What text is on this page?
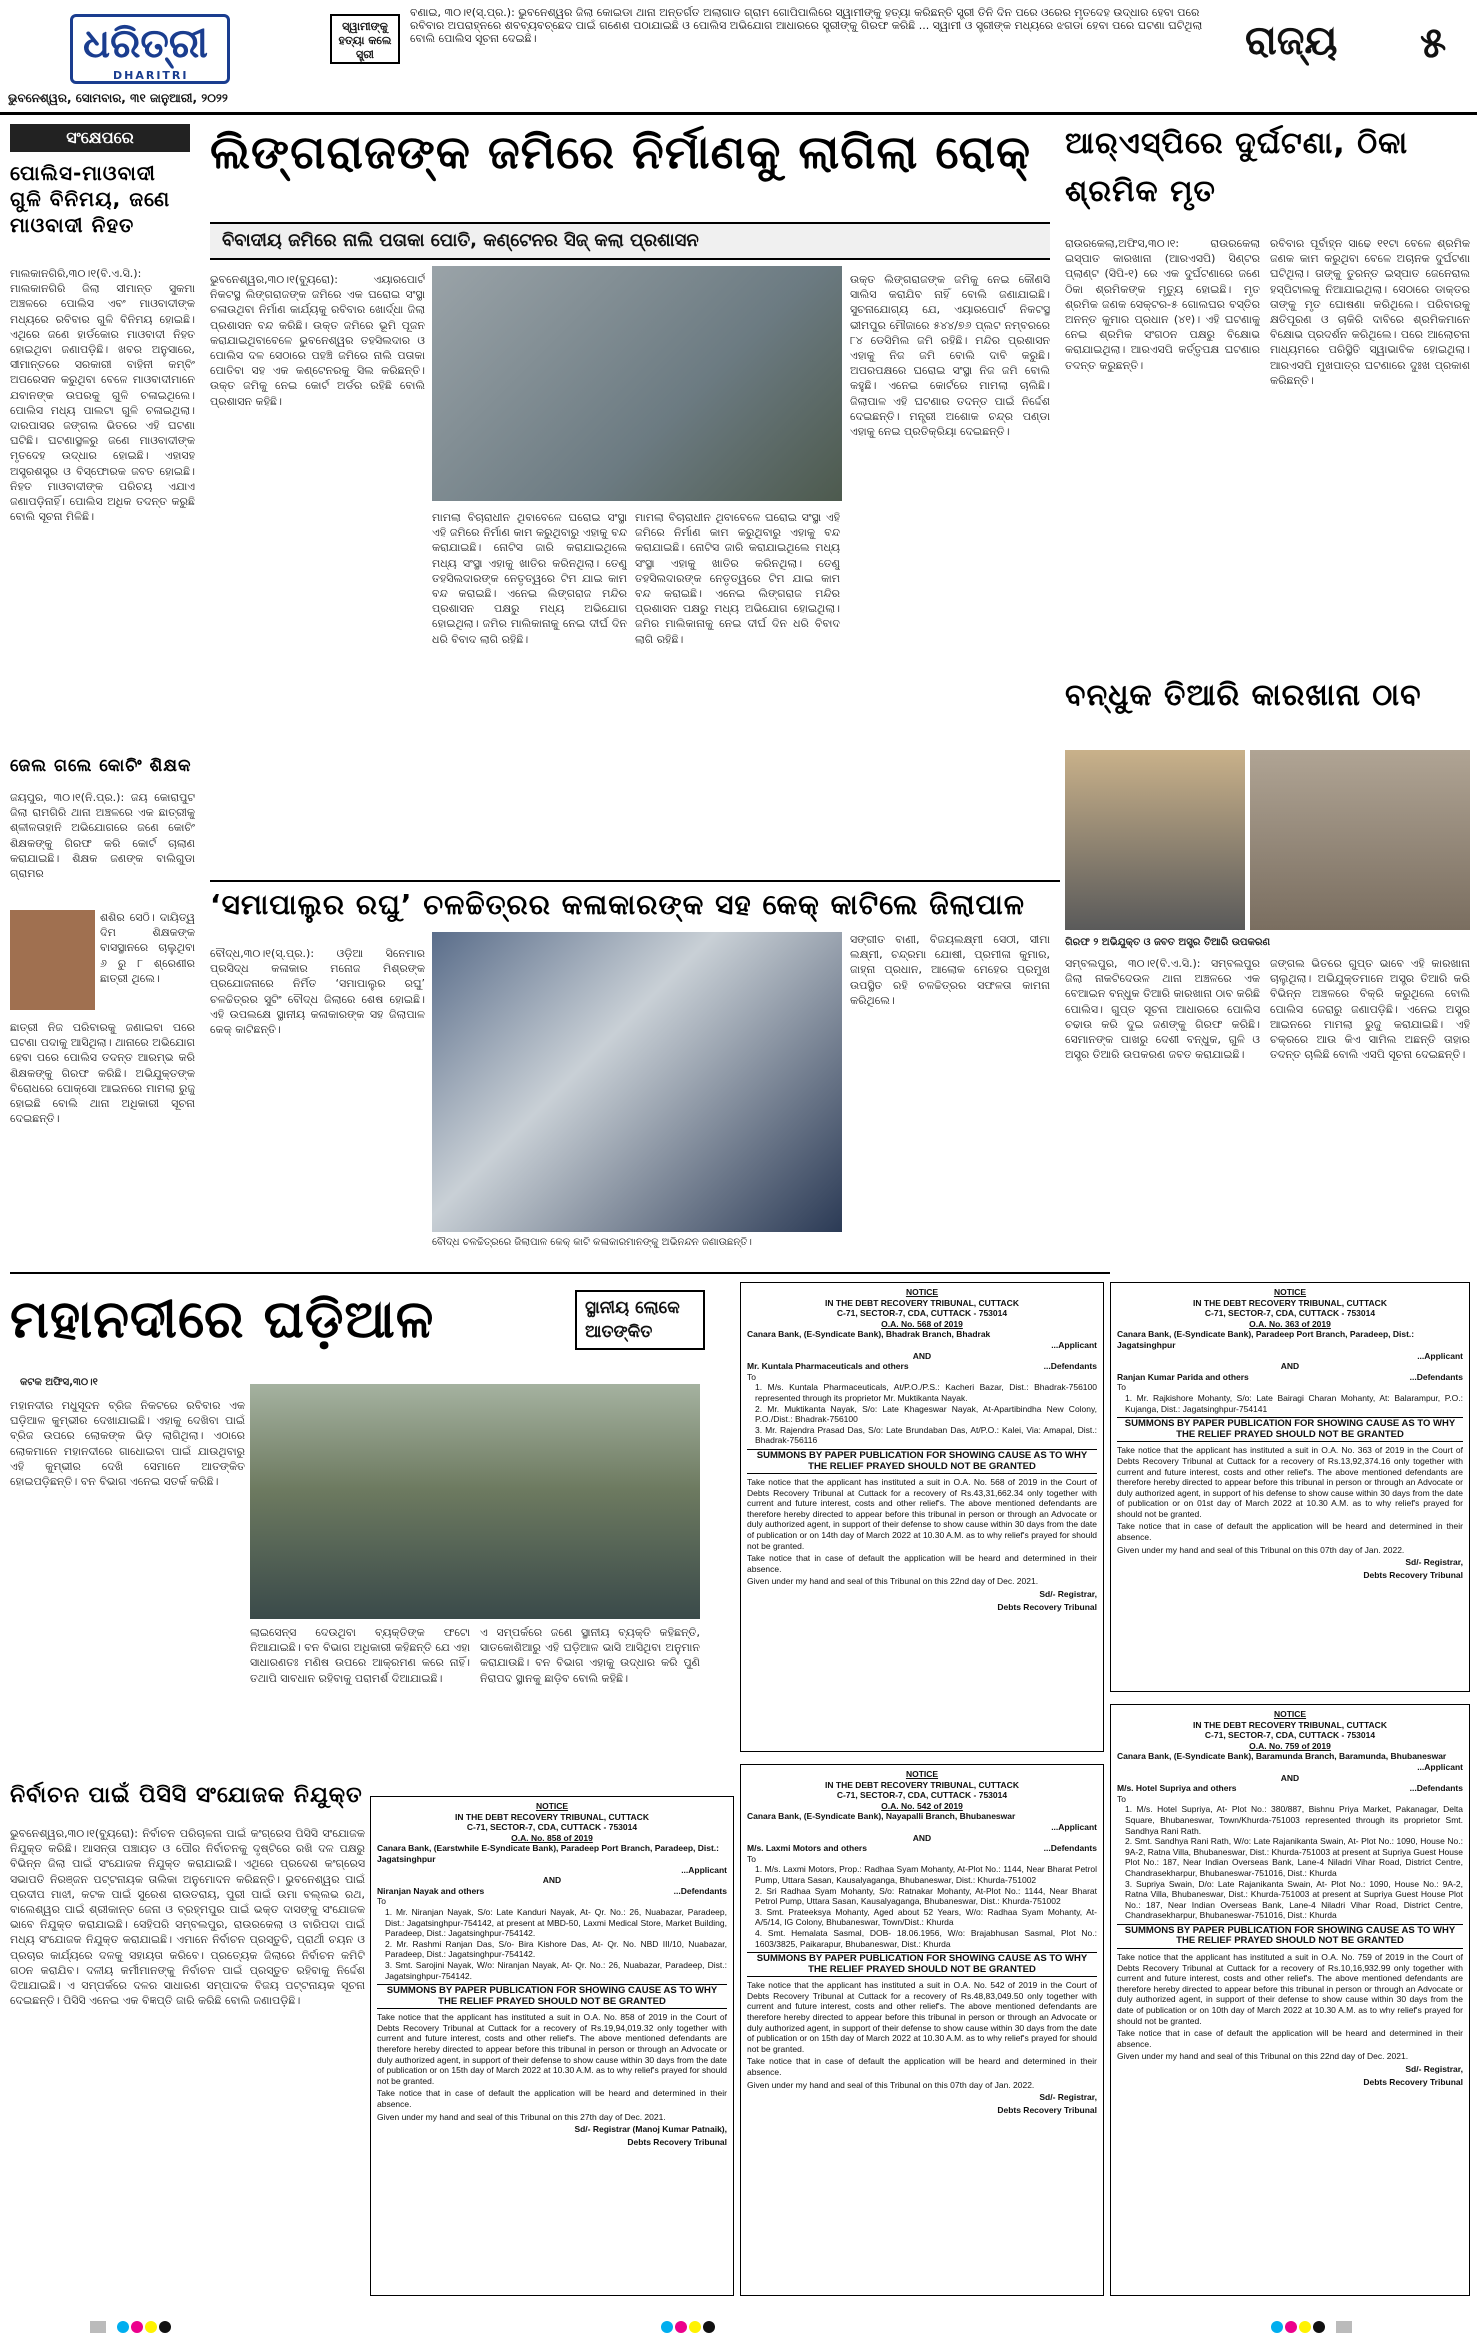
ଧରିତ୍ରୀ
DHARITRI
ଭୁବନେଶ୍ୱର, ସୋମବାର, ୩୧ ଜାନୁଆରୀ, ୨୦୨୨
ସ୍ୱାମୀଙ୍କୁ ହତ୍ୟା କଲେ ସ୍ତ୍ରୀ
ବଣାଇ, ୩୦।୧(ସ୍.ପ୍ର.): ଭୁବନେଶ୍ୱର ଜିଲା କୋଇଡା ଥାନା ଅନ୍ତର୍ଗତ ଅଲାଗାଡ ଗ୍ରାମ ଗୋପିପାଲିରେ ସ୍ୱାମୀଙ୍କୁ ହତ୍ୟା କରିଛନ୍ତି ସ୍ତ୍ରୀ ତିନି ଦିନ ପରେ ଓରେର ମୃତଦେହ ଉଦ୍ଧାର ହେବା ପରେ ରବିବାର ଅପରାହ୍ନରେ ଶବବ୍ୟବଚ୍ଛେଦ ପାଇଁ ଗଣେଶ ପଠାଯାଇଛି ଓ ପୋଲିସ ଅଭିଯୋଗ ଆଧାରରେ ସ୍ତ୍ରୀଙ୍କୁ ଗିରଫ କରିଛି ... ସ୍ୱାମୀ ଓ ସ୍ତ୍ରୀଙ୍କ ମଧ୍ୟରେ ଝଗଡା ହେବା ପରେ ଘଟଣା ଘଟିଥିଲା ବୋଲି ପୋଲିସ ସୂଚନା ଦେଇଛି।	ରାଜ୍ୟ	୫
ସଂକ୍ଷେପରେ
ପୋଲିସ-ମାଓବାଦୀ ଗୁଳି ବିନିମୟ, ଜଣେ ମାଓବାଦୀ ନିହତ
ମାଲକାନଗିରି,୩୦।୧(ବି.ଏ.ସି.): ମାଲକାନଗିରି ଜିଲା ସୀମାନ୍ତ ସୁକମା ଅଞ୍ଚଳରେ ପୋଲିସ ଏବଂ ମାଓବାଦୀଙ୍କ ମଧ୍ୟରେ ରବିବାର ଗୁଳି ବିନିମୟ ହୋଇଛି। ଏଥିରେ ଜଣେ ହାର୍ଡକୋର ମାଓବାଦୀ ନିହତ ହୋଇଥିବା ଜଣାପଡ଼ିଛି। ଖବର ଅନୁସାରେ, ସୀମାନ୍ତରେ ସରକାରୀ ବାହିନୀ କମ୍ବିଂ ଅପରେସନ କରୁଥିବା ବେଳେ ମାଓବାଦୀମାନେ ଯବାନଙ୍କ ଉପରକୁ ଗୁଳି ଚଳାଇଥିଲେ। ପୋଲିସ ମଧ୍ୟ ପାଲଟା ଗୁଳି ଚଳାଇଥିଲା। ଦାରପାସର ଜଙ୍ଗଲ ଭିତରେ ଏହି ଘଟଣା ଘଟିଛି। ଘଟଣାସ୍ଥଳରୁ ଜଣେ ମାଓବାଦୀଙ୍କ ମୃତଦେହ ଉଦ୍ଧାର ହୋଇଛି। ଏହାସହ ଅସ୍ତ୍ରଶସ୍ତ୍ର ଓ ବିସ୍ଫୋରକ ଜବତ ହୋଇଛି। ନିହତ ମାଓବାଦୀଙ୍କ ପରିଚୟ ଏଯାଏ ଜଣାପଡ଼ିନାହିଁ। ପୋଲିସ ଅଧିକ ତଦନ୍ତ କରୁଛି ବୋଲି ସୂଚନା ମିଳିଛି।
ଜେଲ ଗଲେ କୋଚିଂ ଶିକ୍ଷକ
ଜୟପୁର, ୩୦।୧(ନି.ପ୍ର.): ଜୟ କୋରାପୁଟ ଜିଲା ରାମଗିରି ଥାନା ଅଞ୍ଚଳରେ ଏକ ଛାତ୍ରୀକୁ ଶ୍ଳୀଳତାହାନି ଅଭିଯୋଗରେ ଜଣେ କୋଚିଂ ଶିକ୍ଷକଙ୍କୁ ଗିରଫ କରି କୋର୍ଟ ଚାଲାଣ କରାଯାଇଛି। ଶିକ୍ଷକ ଜଣଙ୍କ ବାଲିଗୁଡା ଗ୍ରାମର
ଶଶିର ସେଠି। ଦାୟିତ୍ୱ ଦିମ ଶିକ୍ଷକଙ୍କ ବାସସ୍ଥାନରେ ଚାଲୁଥିବା ୬ ରୁ ୮ ଶ୍ରେଣୀର ଛାତ୍ରୀ ଥିଲେ।
ଛାତ୍ରୀ ନିଜ ପରିବାରକୁ ଜଣାଇବା ପରେ ଘଟଣା ପଦାକୁ ଆସିଥିଲା। ଥାନାରେ ଅଭିଯୋଗ ହେବା ପରେ ପୋଲିସ ତଦନ୍ତ ଆରମ୍ଭ କରି ଶିକ୍ଷକଙ୍କୁ ଗିରଫ କରିଛି। ଅଭିଯୁକ୍ତଙ୍କ ବିରୋଧରେ ପୋକ୍ସୋ ଆଇନରେ ମାମଲା ରୁଜୁ ହୋଇଛି ବୋଲି ଥାନା ଅଧିକାରୀ ସୂଚନା ଦେଇଛନ୍ତି।
ଲିଙ୍ଗରାଜଙ୍କ ଜମିରେ ନିର୍ମାଣକୁ ଲାଗିଲା ରୋକ୍
ବିବାଦୀୟ ଜମିରେ ନାଲି ପତାକା ପୋତି, କଣ୍ଟେନର ସିଜ୍ କଲା ପ୍ରଶାସନ
ଭୁବନେଶ୍ୱର,୩୦।୧(ବ୍ୟୁରୋ): ଏୟାରପୋର୍ଟ ନିକଟସ୍ଥ ଲିଙ୍ଗରାଜଙ୍କ ଜମିରେ ଏକ ଘରୋଇ ସଂସ୍ଥା ଚଳାଉଥିବା ନିର୍ମାଣ କାର୍ଯ୍ୟକୁ ରବିବାର ଖୋର୍ଦ୍ଧା ଜିଲା ପ୍ରଶାସନ ବନ୍ଦ କରିଛି। ଉକ୍ତ ଜମିରେ ଭୂମି ପୂଜନ କରାଯାଇଥିବାବେଳେ ଭୁବନେଶ୍ୱର ତହସିଲଦାର ଓ ପୋଲିସ ଦଳ ସେଠାରେ ପହଞ୍ଚି ଜମିରେ ନାଲି ପତାକା ପୋତିବା ସହ ଏକ କଣ୍ଟେନରକୁ ସିଲ କରିଛନ୍ତି। ଉକ୍ତ ଜମିକୁ ନେଇ କୋର୍ଟ ଅର୍ଡର ରହିଛି ବୋଲି ପ୍ରଶାସନ କହିଛି।
ମାମଲା ବିଚାରାଧୀନ ଥିବାବେଳେ ଘରୋଇ ସଂସ୍ଥା ଏହି ଜମିରେ ନିର୍ମାଣ କାମ କରୁଥିବାରୁ ଏହାକୁ ବନ୍ଦ କରାଯାଇଛି। ନୋଟିସ ଜାରି କରାଯାଇଥିଲେ ମଧ୍ୟ ସଂସ୍ଥା ଏହାକୁ ଖାତିର କରିନଥିଲା। ତେଣୁ ତହସିଲଦାରଙ୍କ ନେତୃତ୍ୱରେ ଟିମ ଯାଇ କାମ ବନ୍ଦ କରାଇଛି। ଏନେଇ ଲିଙ୍ଗରାଜ ମନ୍ଦିର ପ୍ରଶାସନ ପକ୍ଷରୁ ମଧ୍ୟ ଅଭିଯୋଗ ହୋଇଥିଲା। ଜମିର ମାଲିକାନାକୁ ନେଇ ଦୀର୍ଘ ଦିନ ଧରି ବିବାଦ ଲାଗି ରହିଛି।
ମାମଲା ବିଚାରାଧୀନ ଥିବାବେଳେ ଘରୋଇ ସଂସ୍ଥା ଏହି ଜମିରେ ନିର୍ମାଣ କାମ କରୁଥିବାରୁ ଏହାକୁ ବନ୍ଦ କରାଯାଇଛି। ନୋଟିସ ଜାରି କରାଯାଇଥିଲେ ମଧ୍ୟ ସଂସ୍ଥା ଏହାକୁ ଖାତିର କରିନଥିଲା। ତେଣୁ ତହସିଲଦାରଙ୍କ ନେତୃତ୍ୱରେ ଟିମ ଯାଇ କାମ ବନ୍ଦ କରାଇଛି। ଏନେଇ ଲିଙ୍ଗରାଜ ମନ୍ଦିର ପ୍ରଶାସନ ପକ୍ଷରୁ ମଧ୍ୟ ଅଭିଯୋଗ ହୋଇଥିଲା। ଜମିର ମାଲିକାନାକୁ ନେଇ ଦୀର୍ଘ ଦିନ ଧରି ବିବାଦ ଲାଗି ରହିଛି।
ଉକ୍ତ ଲିଙ୍ଗରାଜଙ୍କ ଜମିକୁ ନେଇ କୌଣସି ସାଲିସ କରାଯିବ ନାହିଁ ବୋଲି ଜଣାଯାଇଛି। ସୁଚନାଯୋଗ୍ୟ ଯେ, ଏୟାରପୋର୍ଟ ନିକଟସ୍ଥ ଭୀମପୁର ମୌଜାରେ ୫୪୪/୭୬ ପ୍ଲଟ ନମ୍ବରରେ ୮୪ ଡେସିମିଲ ଜମି ରହିଛି। ମନ୍ଦିର ପ୍ରଶାସନ ଏହାକୁ ନିଜ ଜମି ବୋଲି ଦାବି କରୁଛି। ଅପରପକ୍ଷରେ ଘରୋଇ ସଂସ୍ଥା ନିଜ ଜମି ବୋଲି କହୁଛି। ଏନେଇ କୋର୍ଟରେ ମାମଲା ଚାଲିଛି। ଜିଲାପାଳ ଏହି ଘଟଣାର ତଦନ୍ତ ପାଇଁ ନିର୍ଦ୍ଦେଶ ଦେଇଛନ୍ତି। ମନ୍ତ୍ରୀ ଅଶୋକ ଚନ୍ଦ୍ର ପଣ୍ଡା ଏହାକୁ ନେଇ ପ୍ରତିକ୍ରିୟା ଦେଇଛନ୍ତି।
ଆର୍‌ଏସ୍‌ପିରେ ଦୁର୍ଘଟଣା, ଠିକା ଶ୍ରମିକ ମୃତ
ରାଉରକେଲା,ଅଫିସ,୩୦।୧: ରାଉରକେଲା ଇସ୍ପାତ କାରଖାନା (ଆରଏସପି) ସିଣ୍ଟର ପ୍ଲାଣ୍ଟ (ସିପି-୧) ରେ ଏକ ଦୁର୍ଘଟଣାରେ ଜଣେ ଠିକା ଶ୍ରମିକଙ୍କ ମୃତ୍ୟୁ ହୋଇଛି। ମୃତ ଶ୍ରମିକ ଜଣକ ସେକ୍ଟର-୫ ଗୋଲଘର ବସ୍ତିର ଅନନ୍ତ କୁମାର ପ୍ରଧାନ (୪୧)। ଏହି ଘଟଣାକୁ ନେଇ ଶ୍ରମିକ ସଂଗଠନ ପକ୍ଷରୁ ବିକ୍ଷୋଭ କରାଯାଇଥିଲା। ଆରଏସପି କର୍ତ୍ତୃପକ୍ଷ ଘଟଣାର ତଦନ୍ତ କରୁଛନ୍ତି।
ରବିବାର ପୂର୍ବାହ୍ନ ସାଢେ ୧୧ଟା ବେଳେ ଶ୍ରମିକ ଜଣକ କାମ କରୁଥିବା ବେଳେ ଅଚାନକ ଦୁର୍ଘଟଣା ଘଟିଥିଲା। ତାଙ୍କୁ ତୁରନ୍ତ ଇସ୍ପାତ ଜେନେରାଲ ହସ୍ପିଟାଲକୁ ନିଆଯାଇଥିଲା। ସେଠାରେ ଡାକ୍ତର ତାଙ୍କୁ ମୃତ ଘୋଷଣା କରିଥିଲେ। ପରିବାରକୁ କ୍ଷତିପୂରଣ ଓ ଚାକିରି ଦାବିରେ ଶ୍ରମିକମାନେ ବିକ୍ଷୋଭ ପ୍ରଦର୍ଶନ କରିଥିଲେ। ପରେ ଆଲୋଚନା ମାଧ୍ୟମରେ ପରିସ୍ଥିତି ସ୍ୱାଭାବିକ ହୋଇଥିଲା। ଆରଏସପି ମୁଖପାତ୍ର ଘଟଣାରେ ଦୁଃଖ ପ୍ରକାଶ କରିଛନ୍ତି।
ବନ୍ଧୁକ ତିଆରି କାରଖାନା ଠାବ
ଗିରଫ ୨ ଅଭିଯୁକ୍ତ ଓ ଜବତ ଅସ୍ତ୍ର ତିଆରି ଉପକରଣ
ସମ୍ବଲପୁର, ୩୦।୧(ବି.ଏ.ସି.): ସମ୍ବଲପୁର ଜିଲା ନାକଟିଦେଉଳ ଥାନା ଅଞ୍ଚଳରେ ଏକ ବେଆଇନ ବନ୍ଧୁକ ତିଆରି କାରଖାନା ଠାବ କରିଛି ପୋଲିସ। ଗୁପ୍ତ ସୂଚନା ଆଧାରରେ ପୋଲିସ ଚଢାଉ କରି ଦୁଇ ଜଣଙ୍କୁ ଗିରଫ କରିଛି। ସେମାନଙ୍କ ପାଖରୁ ଦେଶୀ ବନ୍ଧୁକ, ଗୁଳି ଓ ଅସ୍ତ୍ର ତିଆରି ଉପକରଣ ଜବତ କରାଯାଇଛି।
ଜଙ୍ଗଲ ଭିତରେ ଗୁପ୍ତ ଭାବେ ଏହି କାରଖାନା ଚାଲୁଥିଲା। ଅଭିଯୁକ୍ତମାନେ ଅସ୍ତ୍ର ତିଆରି କରି ବିଭିନ୍ନ ଅଞ୍ଚଳରେ ବିକ୍ରି କରୁଥିଲେ ବୋଲି ପୋଲିସ ଜେରାରୁ ଜଣାପଡ଼ିଛି। ଏନେଇ ଅସ୍ତ୍ର ଆଇନରେ ମାମଲା ରୁଜୁ କରାଯାଇଛି। ଏହି ଚକ୍ରରେ ଆଉ କିଏ ସାମିଲ ଅଛନ୍ତି ତାହାର ତଦନ୍ତ ଚାଲିଛି ବୋଲି ଏସପି ସୂଚନା ଦେଇଛନ୍ତି।
‘ସମାପାଲୁର ରଘୁ’ ଚଳଚ୍ଚିତ୍ରର କଳାକାରଙ୍କ ସହ କେକ୍ କାଟିଲେ ଜିଲାପାଳ
ବୌଦ୍ଧ,୩୦।୧(ସ୍.ପ୍ର.): ଓଡ଼ିଆ ସିନେମାର ପ୍ରସିଦ୍ଧ କଳାକାର ମନୋଜ ମିଶ୍ରଙ୍କ ପ୍ରଯୋଜନାରେ ନିର୍ମିତ ‘ସମାପାଲୁର ରଘୁ’ ଚଳଚ୍ଚିତ୍ରର ସୁଟିଂ ବୌଦ୍ଧ ଜିଲାରେ ଶେଷ ହୋଇଛି। ଏହି ଉପଲକ୍ଷେ ସ୍ଥାନୀୟ କଳାକାରଙ୍କ ସହ ଜିଲାପାଳ କେକ୍ କାଟିଛନ୍ତି।
ବୌଦ୍ଧ ଚଳଚ୍ଚିତ୍ରରେ ଜିଲାପାଳ କେକ୍ କାଟି କଳାକାରମାନଙ୍କୁ ଅଭିନନ୍ଦନ ଜଣାଉଛନ୍ତି।
ସଙ୍ଗୀତ ବାଣୀ, ବିଜୟଲକ୍ଷ୍ମୀ ସେଠୀ, ସୀମା ଲକ୍ଷ୍ମୀ, ଚନ୍ଦ୍ରମା ଯୋଷୀ, ପ୍ରମୀଳା କୁମାର, ଜାହ୍ନା ପ୍ରଧାନ, ଆଲୋକ ମେହେର ପ୍ରମୁଖ ଉପସ୍ଥିତ ରହି ଚଳଚ୍ଚିତ୍ରର ସଫଳତା କାମନା କରିଥିଲେ।
ମହାନଦୀରେ ଘଡ଼ିଆଳ	ସ୍ଥାନୀୟ ଲୋକେ ଆତଙ୍କିତ
କଟକ ଅଫିସ,୩୦।୧
ମହାନଦୀର ମଧୁସୂଦନ ବ୍ରିଜ ନିକଟରେ ରବିବାର ଏକ ଘଡ଼ିଆଳ କୁମ୍ଭୀର ଦେଖାଯାଇଛି। ଏହାକୁ ଦେଖିବା ପାଇଁ ବ୍ରିଜ ଉପରେ ଲୋକଙ୍କ ଭିଡ଼ ଲାଗିଥିଲା। ଏଠାରେ ଲୋକମାନେ ମହାନଦୀରେ ଗାଧୋଇବା ପାଇଁ ଯାଉଥିବାରୁ ଏହି କୁମ୍ଭୀର ଦେଖି ସେମାନେ ଆତଙ୍କିତ ହୋଇପଡ଼ିଛନ୍ତି। ବନ ବିଭାଗ ଏନେଇ ସତର୍କ କରିଛି।
ଲାଇସେନ୍ସ ଦେଉଥିବା ବ୍ୟକ୍ତିଙ୍କ ଫଟୋ ନିଆଯାଇଛି। ବନ ବିଭାଗ ଅଧିକାରୀ କହିଛନ୍ତି ଯେ ଏହା ସାଧାରଣତଃ ମଣିଷ ଉପରେ ଆକ୍ରମଣ କରେ ନାହିଁ। ତଥାପି ସାବଧାନ ରହିବାକୁ ପରାମର୍ଶ ଦିଆଯାଇଛି।
ଏ ସମ୍ପର୍କରେ ଜଣେ ସ୍ଥାନୀୟ ବ୍ୟକ୍ତି କହିଛନ୍ତି, ସାତକୋଶିଆରୁ ଏହି ଘଡ଼ିଆଳ ଭାସି ଆସିଥିବା ଅନୁମାନ କରାଯାଉଛି। ବନ ବିଭାଗ ଏହାକୁ ଉଦ୍ଧାର କରି ପୁଣି ନିରାପଦ ସ୍ଥାନକୁ ଛାଡ଼ିବ ବୋଲି କହିଛି।
ନିର୍ବାଚନ ପାଇଁ ପିସିସି ସଂଯୋଜକ ନିଯୁକ୍ତ
ଭୁବନେଶ୍ୱର,୩୦।୧(ବ୍ୟୁରୋ): ନିର୍ବାଚନ ପରିଚାଳନା ପାଇଁ କଂଗ୍ରେସ ପିସିସି ସଂଯୋଜକ ନିଯୁକ୍ତ କରିଛି। ଆସନ୍ତା ପଞ୍ଚାୟତ ଓ ପୌର ନିର୍ବାଚନକୁ ଦୃଷ୍ଟିରେ ରଖି ଦଳ ପକ୍ଷରୁ ବିଭିନ୍ନ ଜିଲା ପାଇଁ ସଂଯୋଜକ ନିଯୁକ୍ତ କରାଯାଇଛି। ଏଥିରେ ପ୍ରଦେଶ କଂଗ୍ରେସ ସଭାପତି ନିରଞ୍ଜନ ପଟ୍ଟନାୟକ ତାଲିକା ଅନୁମୋଦନ କରିଛନ୍ତି। ଭୁବନେଶ୍ୱର ପାଇଁ ପ୍ରଦୀପ ମାଝୀ, କଟକ ପାଇଁ ସୁରେଶ ରାଉତରାୟ, ପୁରୀ ପାଇଁ ଉମା ବଲ୍ଲଭ ରଥ, ବାଲେଶ୍ୱର ପାଇଁ ଶ୍ରୀକାନ୍ତ ଜେନା ଓ ବ୍ରହ୍ମପୁର ପାଇଁ ଭକ୍ତ ଦାସଙ୍କୁ ସଂଯୋଜକ ଭାବେ ନିଯୁକ୍ତ କରାଯାଇଛି। ସେହିପରି ସମ୍ବଲପୁର, ରାଉରକେଲା ଓ ବାରିପଦା ପାଇଁ ମଧ୍ୟ ସଂଯୋଜକ ନିଯୁକ୍ତ କରାଯାଇଛି। ଏମାନେ ନିର୍ବାଚନ ପ୍ରସ୍ତୁତି, ପ୍ରାର୍ଥୀ ଚୟନ ଓ ପ୍ରଚାର କାର୍ଯ୍ୟରେ ଦଳକୁ ସହାୟତା କରିବେ। ପ୍ରତ୍ୟେକ ଜିଲାରେ ନିର୍ବାଚନ କମିଟି ଗଠନ କରାଯିବ। ଦଳୀୟ କର୍ମୀମାନଙ୍କୁ ନିର୍ବାଚନ ପାଇଁ ପ୍ରସ୍ତୁତ ରହିବାକୁ ନିର୍ଦ୍ଦେଶ ଦିଆଯାଇଛି। ଏ ସମ୍ପର୍କରେ ଦଳର ସାଧାରଣ ସମ୍ପାଦକ ବିଜୟ ପଟ୍ଟନାୟକ ସୂଚନା ଦେଇଛନ୍ତି। ପିସିସି ଏନେଇ ଏକ ବିଜ୍ଞପ୍ତି ଜାରି କରିଛି ବୋଲି ଜଣାପଡ଼ିଛି।
NOTICE
IN THE DEBT RECOVERY TRIBUNAL, CUTTACK
C-71, SECTOR-7, CDA, CUTTACK - 753014
O.A. No. 568 of 2019
Canara Bank, (E-Syndicate Bank), Bhadrak Branch, Bhadrak
...Applicant
AND
Mr. Kuntala Pharmaceuticals and others	...Defendants
To
1. M/s. Kuntala Pharmaceuticals, At/P.O./P.S.: Kacheri Bazar, Dist.: Bhadrak-756100 represented through its proprietor Mr. Muktikanta Nayak.
2. Mr. Muktikanta Nayak, S/o: Late Khageswar Nayak, At-Apartibindha New Colony, P.O./Dist.: Bhadrak-756100
3. Mr. Rajendra Prasad Das, S/o: Late Brundaban Das, At/P.O.: Kalei, Via: Amapal, Dist.: Bhadrak-756116
SUMMONS BY PAPER PUBLICATION FOR SHOWING CAUSE AS TO WHY THE RELIEF PRAYED SHOULD NOT BE GRANTED

Take notice that the applicant has instituted a suit in O.A. No. 568 of 2019 in the Court of Debts Recovery Tribunal at Cuttack for a recovery of Rs.43,31,662.34 only together with current and future interest, costs and other relief's. The above mentioned defendants are therefore hereby directed to appear before this tribunal in person or through an Advocate or duly authorized agent, in support of their defense to show cause within 30 days from the date of publication or on 14th day of March 2022 at 10.30 A.M. as to why relief's prayed for should not be granted.

Take notice that in case of default the application will be heard and determined in their absence.

Given under my hand and seal of this Tribunal on this 22nd day of Dec. 2021.

Sd/- Registrar,
Debts Recovery Tribunal
NOTICE
IN THE DEBT RECOVERY TRIBUNAL, CUTTACK
C-71, SECTOR-7, CDA, CUTTACK - 753014
O.A. No. 363 of 2019
Canara Bank, (E-Syndicate Bank), Paradeep Port Branch, Paradeep, Dist.: Jagatsinghpur
...Applicant
AND
Ranjan Kumar Parida and others	...Defendants
To
1. Mr. Rajkishore Mohanty, S/o: Late Bairagi Charan Mohanty, At: Balarampur, P.O.: Kujanga, Dist.: Jagatsinghpur-754141
SUMMONS BY PAPER PUBLICATION FOR SHOWING CAUSE AS TO WHY THE RELIEF PRAYED SHOULD NOT BE GRANTED

Take notice that the applicant has instituted a suit in O.A. No. 363 of 2019 in the Court of Debts Recovery Tribunal at Cuttack for a recovery of Rs.13,92,374.16 only together with current and future interest, costs and other relief's. The above mentioned defendants are therefore hereby directed to appear before this tribunal in person or through an Advocate or duly authorized agent, in support of his defense to show cause within 30 days from the date of publication or on 01st day of March 2022 at 10.30 A.M. as to why relief's prayed for should not be granted.

Take notice that in case of default the application will be heard and determined in their absence.

Given under my hand and seal of this Tribunal on this 07th day of Jan. 2022.

Sd/- Registrar,
Debts Recovery Tribunal
NOTICE
IN THE DEBT RECOVERY TRIBUNAL, CUTTACK
C-71, SECTOR-7, CDA, CUTTACK - 753014
O.A. No. 858 of 2019
Canara Bank, (Earstwhile E-Syndicate Bank), Paradeep Port Branch, Paradeep, Dist.: Jagatsinghpur
...Applicant
AND
Niranjan Nayak and others	...Defendants
To
1. Mr. Niranjan Nayak, S/o: Late Kanduri Nayak, At- Qr. No.: 26, Nuabazar, Paradeep, Dist.: Jagatsinghpur-754142, at present at MBD-50, Laxmi Medical Store, Market Building, Paradeep, Dist.: Jagatsinghpur-754142.
2. Mr. Rashmi Ranjan Das, S/o- Bira Kishore Das, At- Qr. No. NBD III/10, Nuabazar, Paradeep, Dist.: Jagatsinghpur-754142.
3. Smt. Sarojini Nayak, W/o: Niranjan Nayak, At- Qr. No.: 26, Nuabazar, Paradeep, Dist.: Jagatsinghpur-754142.
SUMMONS BY PAPER PUBLICATION FOR SHOWING CAUSE AS TO WHY THE RELIEF PRAYED SHOULD NOT BE GRANTED

Take notice that the applicant has instituted a suit in O.A. No. 858 of 2019 in the Court of Debts Recovery Tribunal at Cuttack for a recovery of Rs.19,94,019.32 only together with current and future interest, costs and other relief's. The above mentioned defendants are therefore hereby directed to appear before this tribunal in person or through an Advocate or duly authorized agent, in support of their defense to show cause within 30 days from the date of publication or on 15th day of March 2022 at 10.30 A.M. as to why relief's prayed for should not be granted.

Take notice that in case of default the application will be heard and determined in their absence.

Given under my hand and seal of this Tribunal on this 27th day of Dec. 2021.

Sd/- Registrar (Manoj Kumar Patnaik),
Debts Recovery Tribunal
NOTICE
IN THE DEBT RECOVERY TRIBUNAL, CUTTACK
C-71, SECTOR-7, CDA, CUTTACK - 753014
O.A. No. 542 of 2019
Canara Bank, (E-Syndicate Bank), Nayapalli Branch, Bhubaneswar
...Applicant
AND
M/s. Laxmi Motors and others	...Defendants
To
1. M/s. Laxmi Motors, Prop.: Radhaa Syam Mohanty, At-Plot No.: 1144, Near Bharat Petrol Pump, Uttara Sasan, Kausalyaganga, Bhubaneswar, Dist.: Khurda-751002
2. Sri Radhaa Syam Mohanty, S/o: Ratnakar Mohanty, At-Plot No.: 1144, Near Bharat Petrol Pump, Uttara Sasan, Kausalyaganga, Bhubaneswar, Dist.: Khurda-751002
3. Smt. Prateeksya Mohanty, Aged about 52 Years, W/o: Radhaa Syam Mohanty, At- A/5/14, IG Colony, Bhubaneswar, Town/Dist.: Khurda
4. Smt. Hemalata Sasmal, DOB- 18.06.1956, W/o: Brajabhusan Sasmal, Plot No.: 1603/3825, Paikarapur, Bhubaneswar, Dist.: Khurda
SUMMONS BY PAPER PUBLICATION FOR SHOWING CAUSE AS TO WHY THE RELIEF PRAYED SHOULD NOT BE GRANTED

Take notice that the applicant has instituted a suit in O.A. No. 542 of 2019 in the Court of Debts Recovery Tribunal at Cuttack for a recovery of Rs.48,83,049.50 only together with current and future interest, costs and other relief's. The above mentioned defendants are therefore hereby directed to appear before this tribunal in person or through an Advocate or duly authorized agent, in support of their defense to show cause within 30 days from the date of publication or on 15th day of March 2022 at 10.30 A.M. as to why relief's prayed for should not be granted.

Take notice that in case of default the application will be heard and determined in their absence.

Given under my hand and seal of this Tribunal on this 07th day of Jan. 2022.

Sd/- Registrar,
Debts Recovery Tribunal
NOTICE
IN THE DEBT RECOVERY TRIBUNAL, CUTTACK
C-71, SECTOR-7, CDA, CUTTACK - 753014
O.A. No. 759 of 2019
Canara Bank, (E-Syndicate Bank), Baramunda Branch, Baramunda, Bhubaneswar
...Applicant
AND
M/s. Hotel Supriya and others	...Defendants
To
1. M/s. Hotel Supriya, At- Plot No.: 380/887, Bishnu Priya Market, Pakanagar, Delta Square, Bhubaneswar, Town/Khurda-751003 represented through its proprietor Smt. Sandhya Rani Rath.
2. Smt. Sandhya Rani Rath, W/o: Late Rajanikanta Swain, At- Plot No.: 1090, House No.: 9A-2, Ratna Villa, Bhubaneswar, Dist.: Khurda-751003 at present at Supriya Guest House Plot No.: 187, Near Indian Overseas Bank, Lane-4 Niladri Vihar Road, District Centre, Chandrasekharpur, Bhubaneswar-751016, Dist.: Khurda
3. Supriya Swain, D/o: Late Rajanikanta Swain, At- Plot No.: 1090, House No.: 9A-2, Ratna Villa, Bhubaneswar, Dist.: Khurda-751003 at present at Supriya Guest House Plot No.: 187, Near Indian Overseas Bank, Lane-4 Niladri Vihar Road, District Centre, Chandrasekharpur, Bhubaneswar-751016, Dist.: Khurda
SUMMONS BY PAPER PUBLICATION FOR SHOWING CAUSE AS TO WHY THE RELIEF PRAYED SHOULD NOT BE GRANTED

Take notice that the applicant has instituted a suit in O.A. No. 759 of 2019 in the Court of Debts Recovery Tribunal at Cuttack for a recovery of Rs.10,16,932.99 only together with current and future interest, costs and other relief's. The above mentioned defendants are therefore hereby directed to appear before this tribunal in person or through an Advocate or duly authorized agent, in support of their defense to show cause within 30 days from the date of publication or on 10th day of March 2022 at 10.30 A.M. as to why relief's prayed for should not be granted.

Take notice that in case of default the application will be heard and determined in their absence.

Given under my hand and seal of this Tribunal on this 22nd day of Dec. 2021.

Sd/- Registrar,
Debts Recovery Tribunal
